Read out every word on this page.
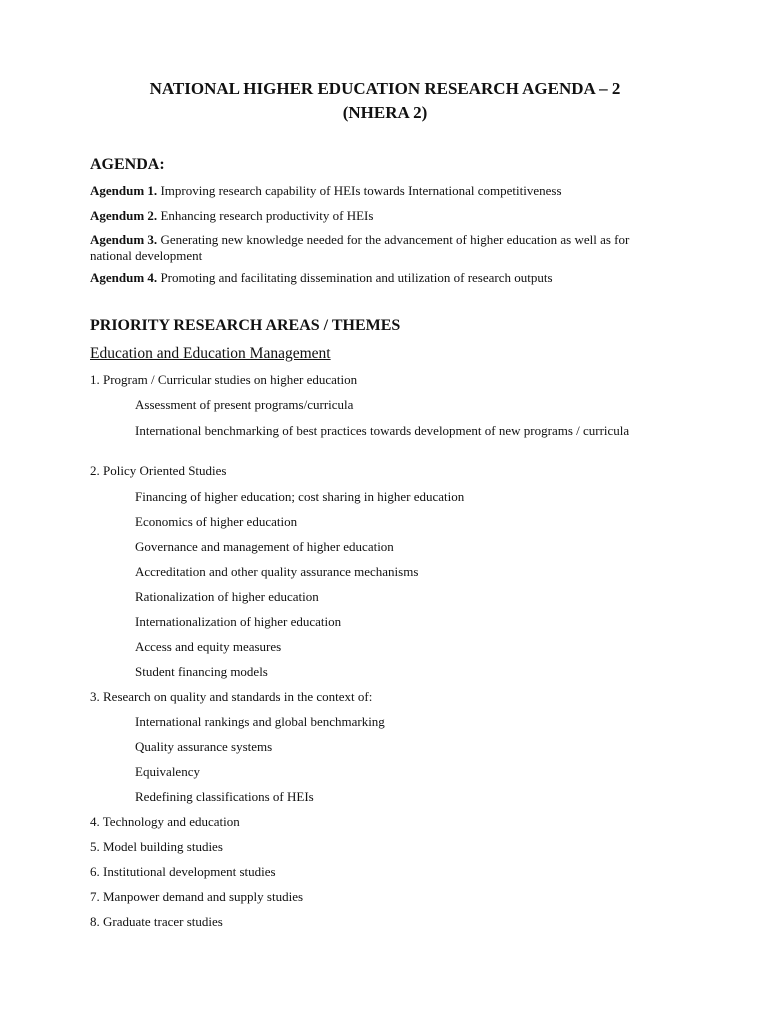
NATIONAL HIGHER EDUCATION RESEARCH AGENDA – 2
(NHERA 2)
AGENDA:
Agendum 1. Improving research capability of HEIs towards International competitiveness
Agendum 2. Enhancing research productivity of HEIs
Agendum 3. Generating new knowledge needed for the advancement of higher education as well as for national development
Agendum 4. Promoting and facilitating dissemination and utilization of research outputs
PRIORITY RESEARCH AREAS / THEMES
Education and Education Management
1. Program / Curricular studies on higher education
Assessment of present programs/curricula
International benchmarking of best practices towards development of new programs / curricula
2. Policy Oriented Studies
Financing of higher education; cost sharing in higher education
Economics of higher education
Governance and management of higher education
Accreditation and other quality assurance mechanisms
Rationalization of higher education
Internationalization of higher education
Access and equity measures
Student financing models
3. Research on quality and standards in the context of:
International rankings and global benchmarking
Quality assurance systems
Equivalency
Redefining classifications of HEIs
4. Technology and education
5. Model building studies
6. Institutional development studies
7. Manpower demand and supply studies
8. Graduate tracer studies
